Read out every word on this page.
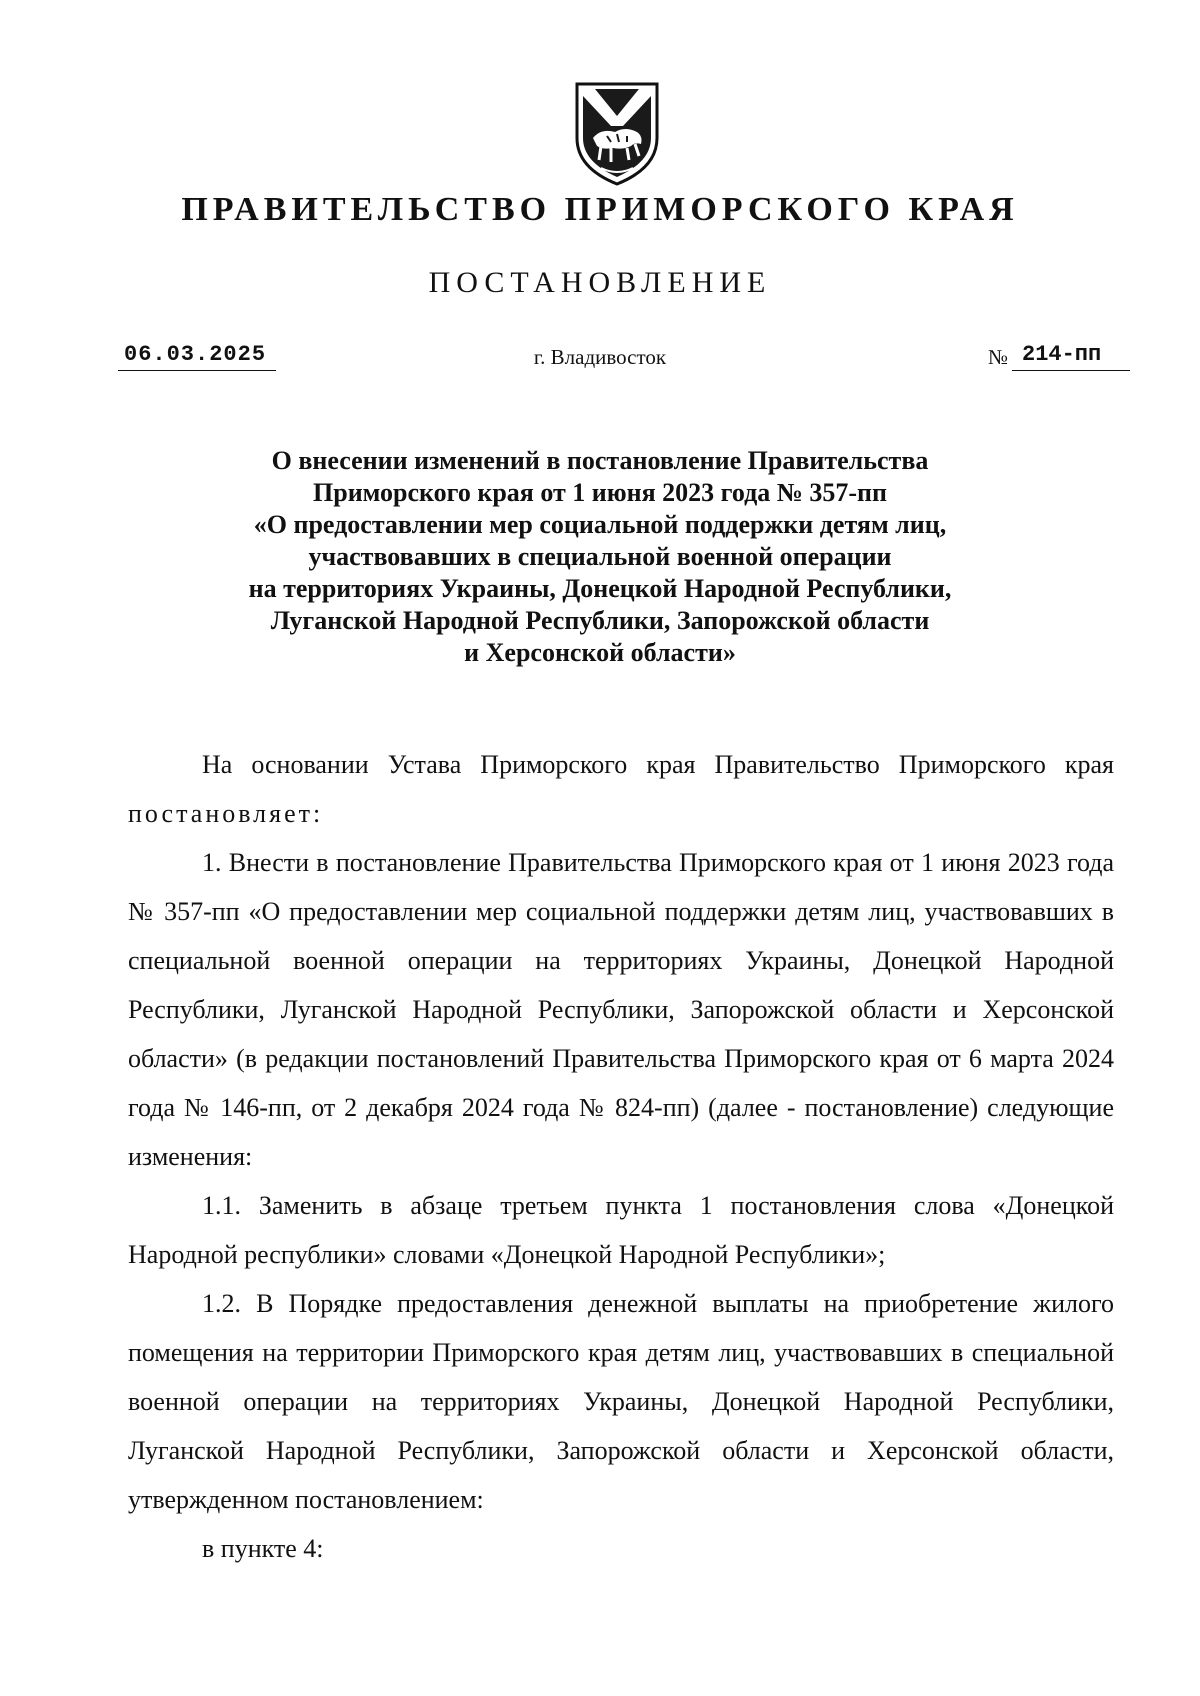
ПРАВИТЕЛЬСТВО ПРИМОРСКОГО КРАЯ
ПОСТАНОВЛЕНИЕ
06.03.2025	г. Владивосток	№ 214-пп
О внесении изменений в постановление Правительства
Приморского края от 1 июня 2023 года № 357-пп
«О предоставлении мер социальной поддержки детям лиц,
участвовавших в специальной военной операции
на территориях Украины, Донецкой Народной Республики,
Луганской Народной Республики, Запорожской области
и Херсонской области»

На основании Устава Приморского края Правительство Приморского края постановляет:

1. Внести в постановление Правительства Приморского края от 1 июня 2023 года № 357-пп «О предоставлении мер социальной поддержки детям лиц, участвовавших в специальной военной операции на территориях Украины, Донецкой Народной Республики, Луганской Народной Республики, Запорожской области и Херсонской области» (в редакции постановлений Правительства Приморского края от 6 марта 2024 года № 146-пп, от 2 декабря 2024 года № 824-пп) (далее - постановление) следующие изменения:

1.1. Заменить в абзаце третьем пункта 1 постановления слова «Донецкой Народной республики» словами «Донецкой Народной Республики»;

1.2. В Порядке предоставления денежной выплаты на приобретение жилого помещения на территории Приморского края детям лиц, участвовавших в специальной военной операции на территориях Украины, Донецкой Народной Республики, Луганской Народной Республики, Запорожской области и Херсонской области, утвержденном постановлением:

в пункте 4:
